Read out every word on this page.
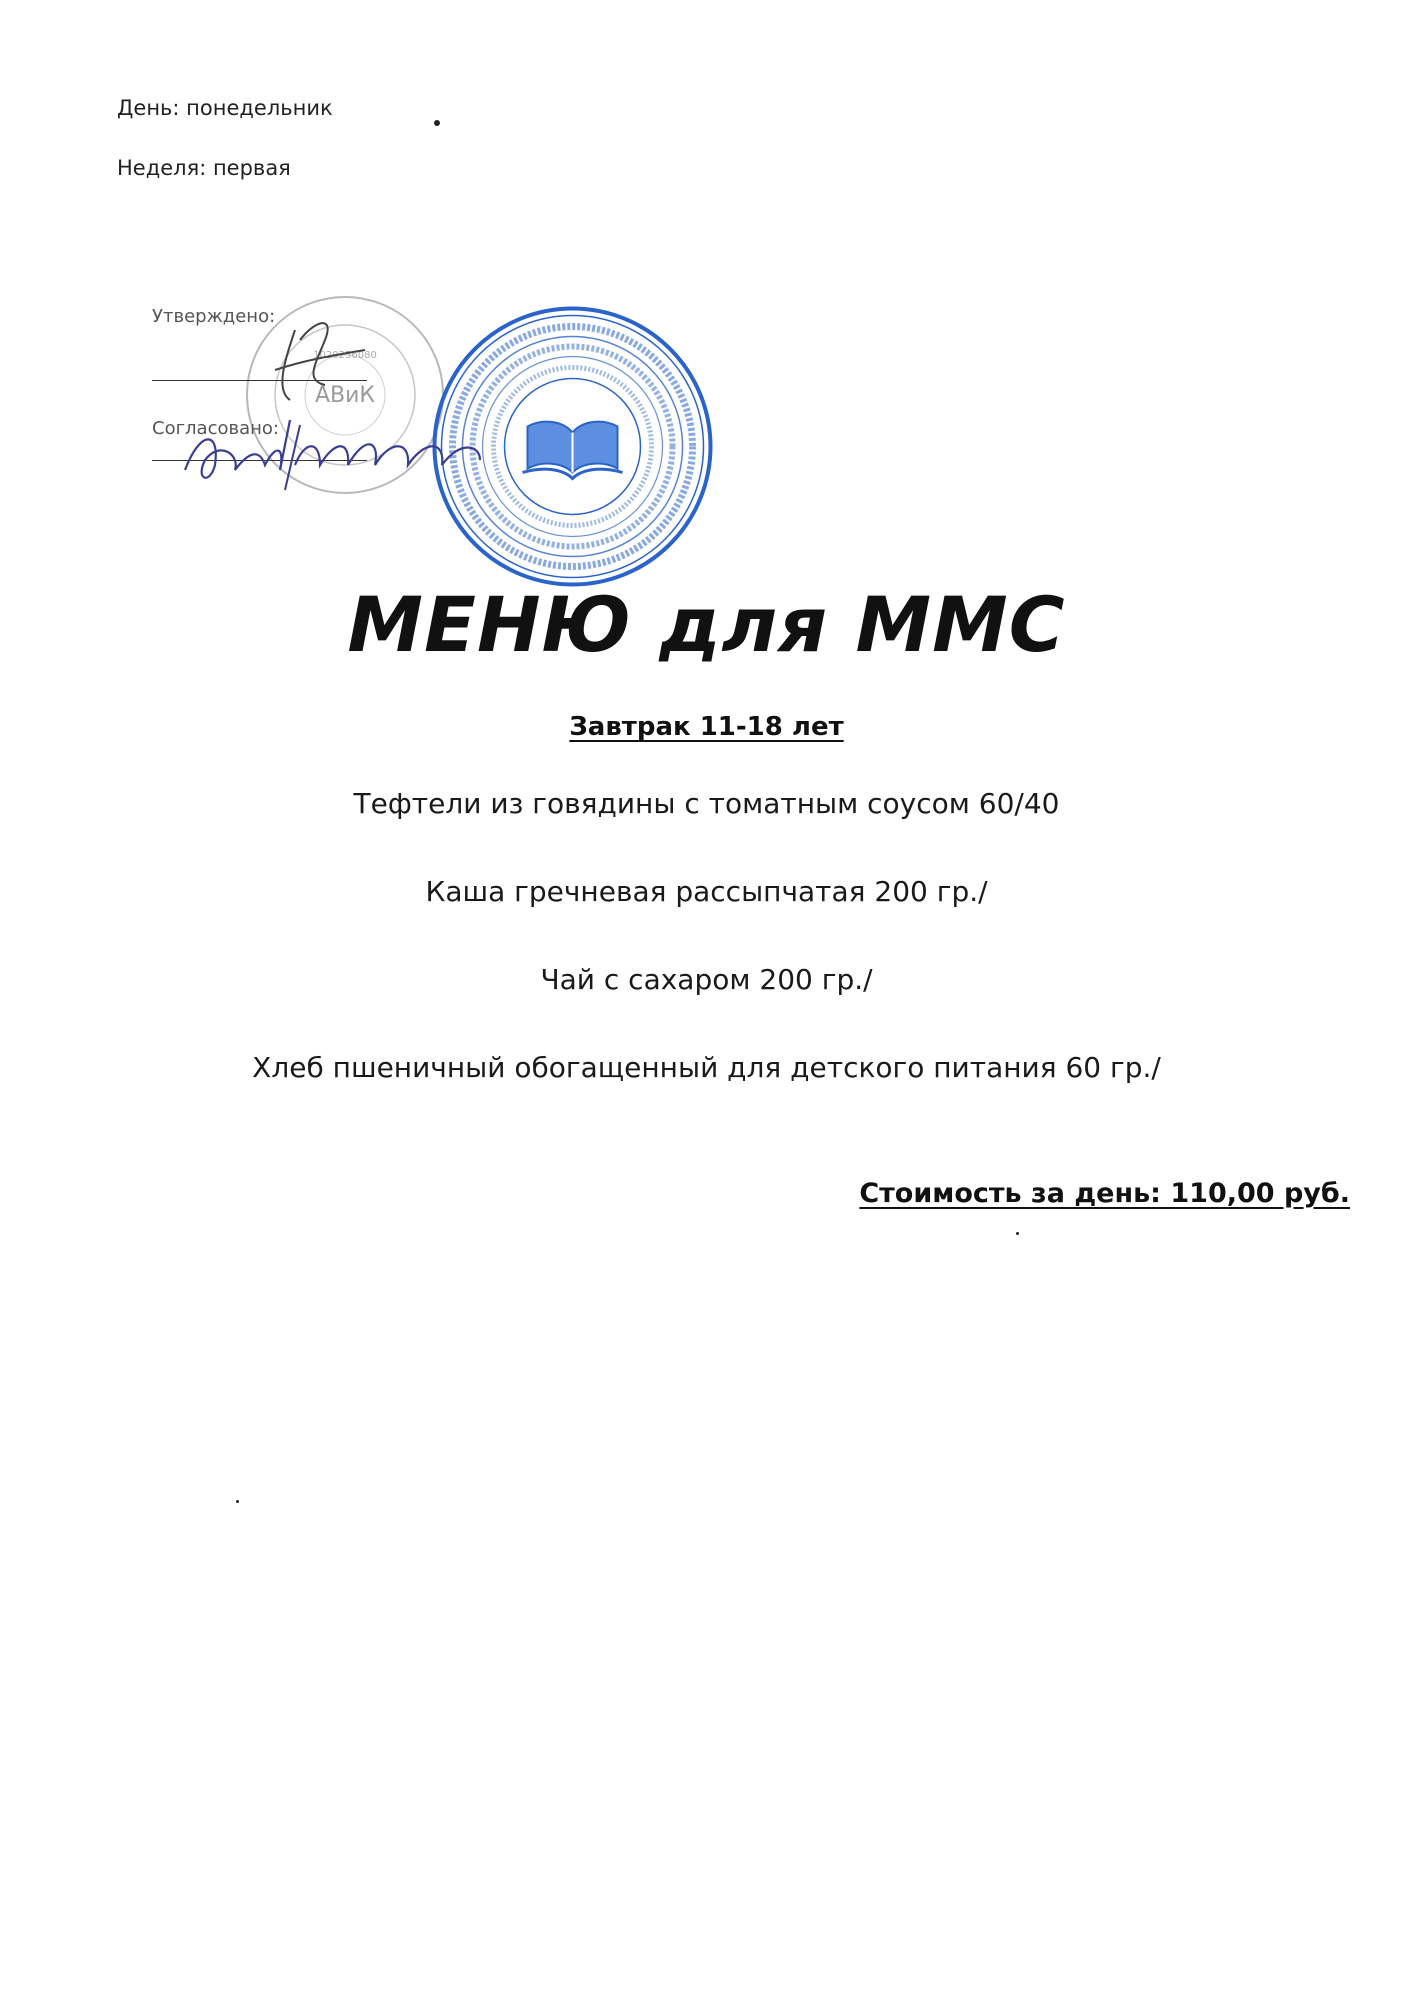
День: понедельник
Неделя: первая
АВиК
1020256080
Утверждено:
Согласовано:
МЕНЮ для ММС
Завтрак 11-18 лет
Тефтели из говядины с томатным соусом 60/40
Каша гречневая рассыпчатая 200 гр./
Чай с сахаром 200 гр./
Хлеб пшеничный обогащенный для детского питания 60 гр./
Стоимость за день: 110,00 руб.
